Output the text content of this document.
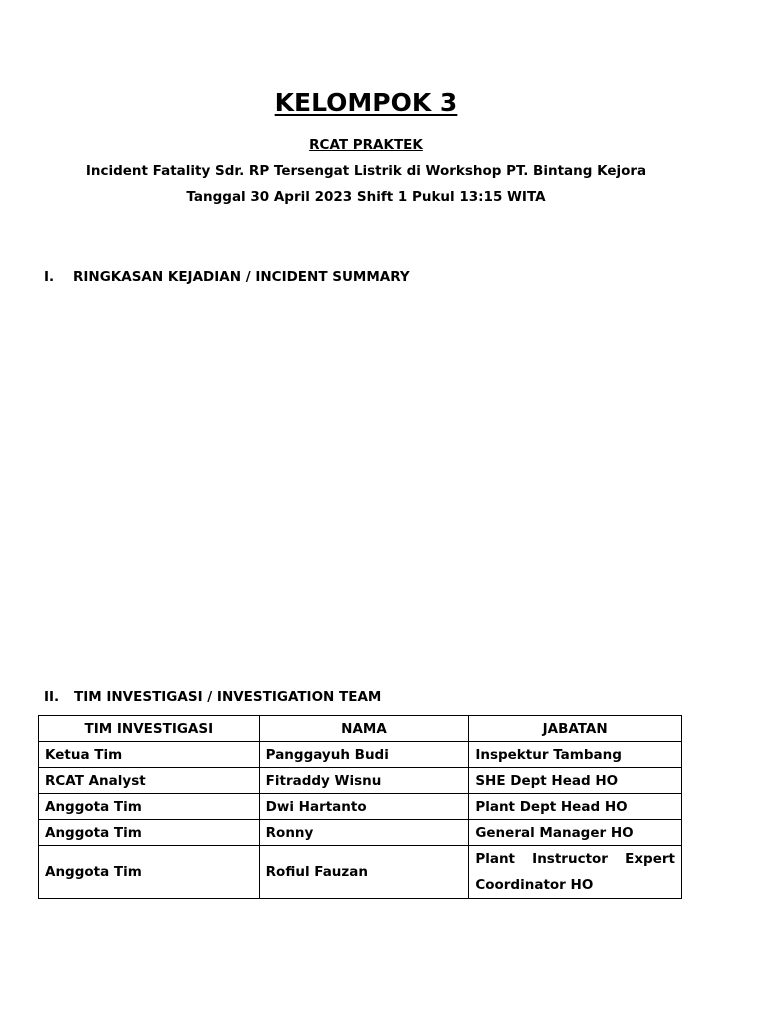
KELOMPOK 3
RCAT PRAKTEK
Incident Fatality Sdr. RP Tersengat Listrik di Workshop PT. Bintang Kejora
Tanggal 30 April 2023 Shift 1 Pukul 13:15 WITA
I. RINGKASAN KEJADIAN / INCIDENT SUMMARY
II. TIM INVESTIGASI / INVESTIGATION TEAM
TIM INVESTIGASI	NAMA	JABATAN
Ketua Tim	Panggayuh Budi	Inspektur Tambang
RCAT Analyst	Fitraddy Wisnu	SHE Dept Head HO
Anggota Tim	Dwi Hartanto	Plant Dept Head HO
Anggota Tim	Ronny	General Manager HO
Anggota Tim	Rofiul Fauzan	Plant Instructor Expert Coordinator HO
